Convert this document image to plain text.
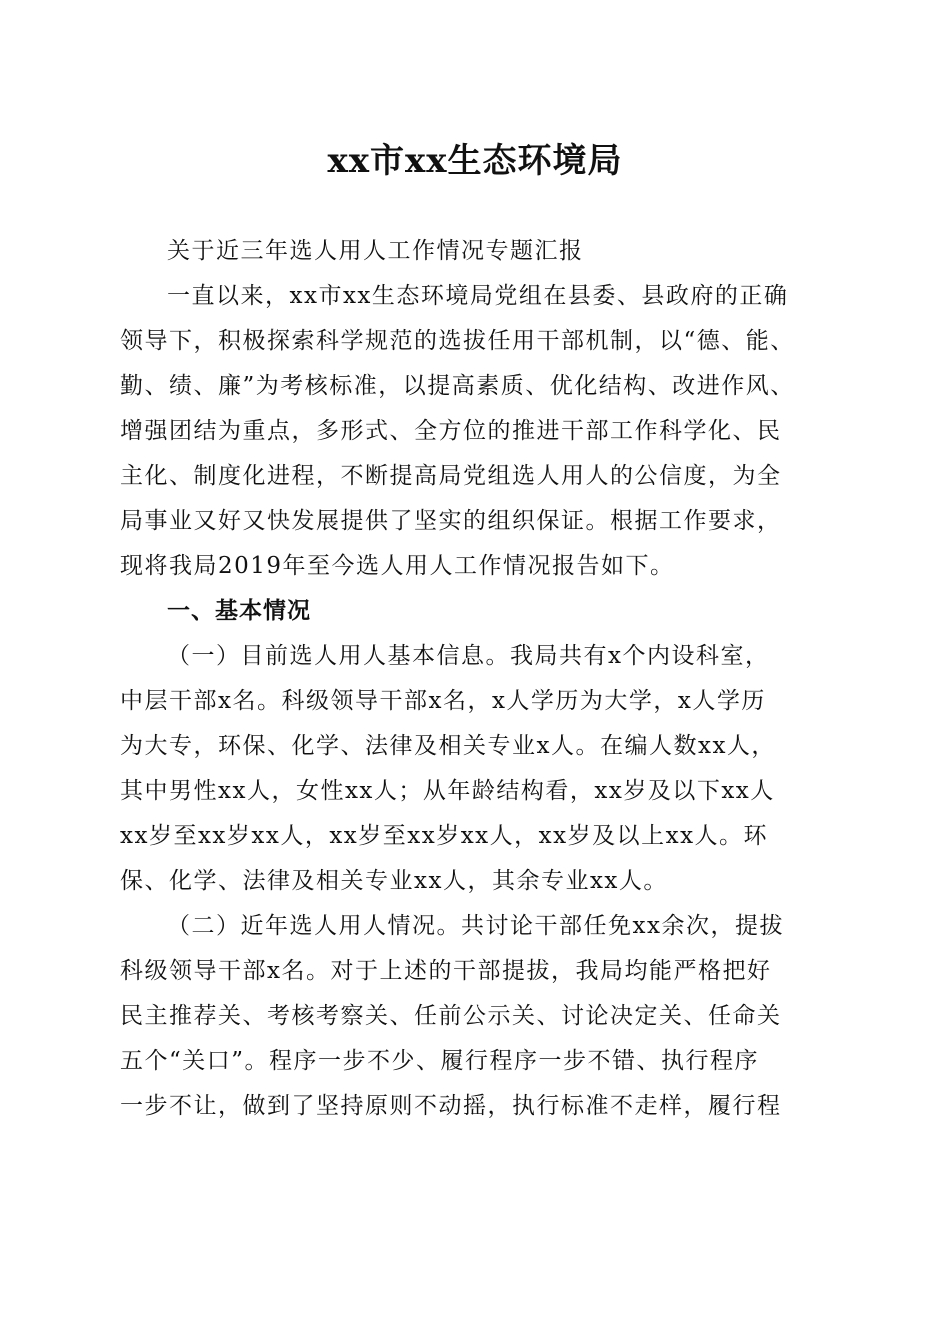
xx市xx生态环境局
关于近三年选人用人工作情况专题汇报
一直以来，xx市xx生态环境局党组在县委、县政府的正确
领导下，积极探索科学规范的选拔任用干部机制，以“德、能、
勤、绩、廉”为考核标准，以提高素质、优化结构、改进作风、
增强团结为重点，多形式、全方位的推进干部工作科学化、民
主化、制度化进程，不断提高局党组选人用人的公信度，为全
局事业又好又快发展提供了坚实的组织保证。根据工作要求，
现将我局2019年至今选人用人工作情况报告如下。
一、基本情况
（一）目前选人用人基本信息。我局共有x个内设科室，
中层干部x名。科级领导干部x名，x人学历为大学，x人学历
为大专，环保、化学、法律及相关专业x人。在编人数xx人，
其中男性xx人，女性xx人；从年龄结构看，xx岁及以下xx人
xx岁至xx岁xx人，xx岁至xx岁xx人，xx岁及以上xx人。环
保、化学、法律及相关专业xx人，其余专业xx人。
（二）近年选人用人情况。共讨论干部任免xx余次，提拔
科级领导干部x名。对于上述的干部提拔，我局均能严格把好
民主推荐关、考核考察关、任前公示关、讨论决定关、任命关
五个“关口”。程序一步不少、履行程序一步不错、执行程序
一步不让，做到了坚持原则不动摇，执行标准不走样，履行程
